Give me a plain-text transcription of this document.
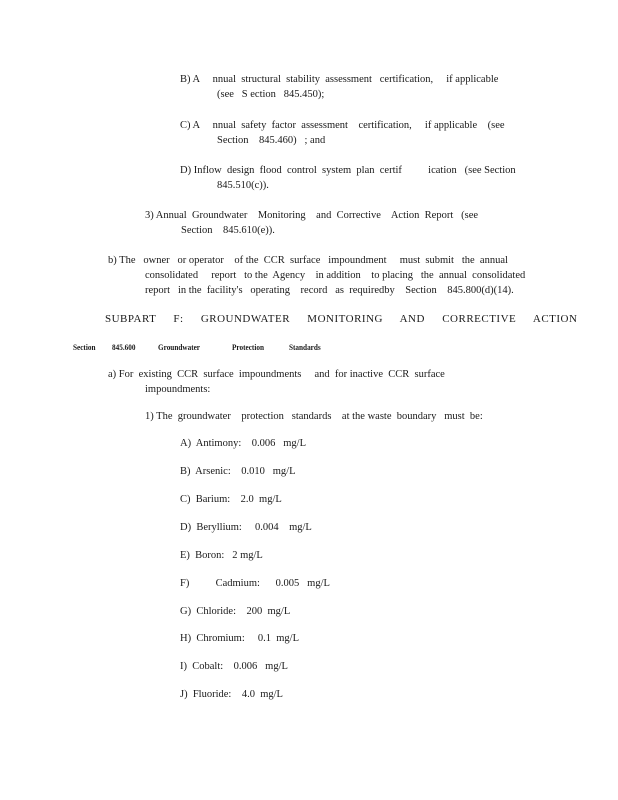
B) A     nnual  structural  stability  assessment   certification,     if applicable
(see   S ection   845.450);
C) A     nnual  safety  factor  assessment    certification,     if applicable    (see
Section    845.460)   ; and
D) Inflow  design  flood  control  system  plan  certif          ication   (see Section
845.510(c)).
3) Annual  Groundwater    Monitoring    and  Corrective    Action  Report   (see
Section    845.610(e)).
b) The   owner   or operator    of the  CCR  surface   impoundment     must  submit   the  annual
consolidated     report   to the  Agency    in addition    to placing   the  annual  consolidated
report   in the  facility's   operating    record   as  requiredby    Section    845.800(d)(14).
SUBPART F: GROUNDWATER MONITORING AND CORRECTIVE ACTION
Section 845.600	Groundwater	Protection	Standards
a) For  existing  CCR  surface  impoundments     and  for inactive  CCR  surface
impoundments:
1) The  groundwater    protection   standards    at the waste  boundary   must  be:
A)  Antimony:    0.006   mg/L
B)  Arsenic:    0.010   mg/L
C)  Barium:    2.0  mg/L
D)  Beryllium:     0.004    mg/L
E)  Boron:   2 mg/L
F)          Cadmium:      0.005   mg/L
G)  Chloride:    200  mg/L
H)  Chromium:     0.1  mg/L
I)  Cobalt:    0.006   mg/L
J)  Fluoride:    4.0  mg/L
